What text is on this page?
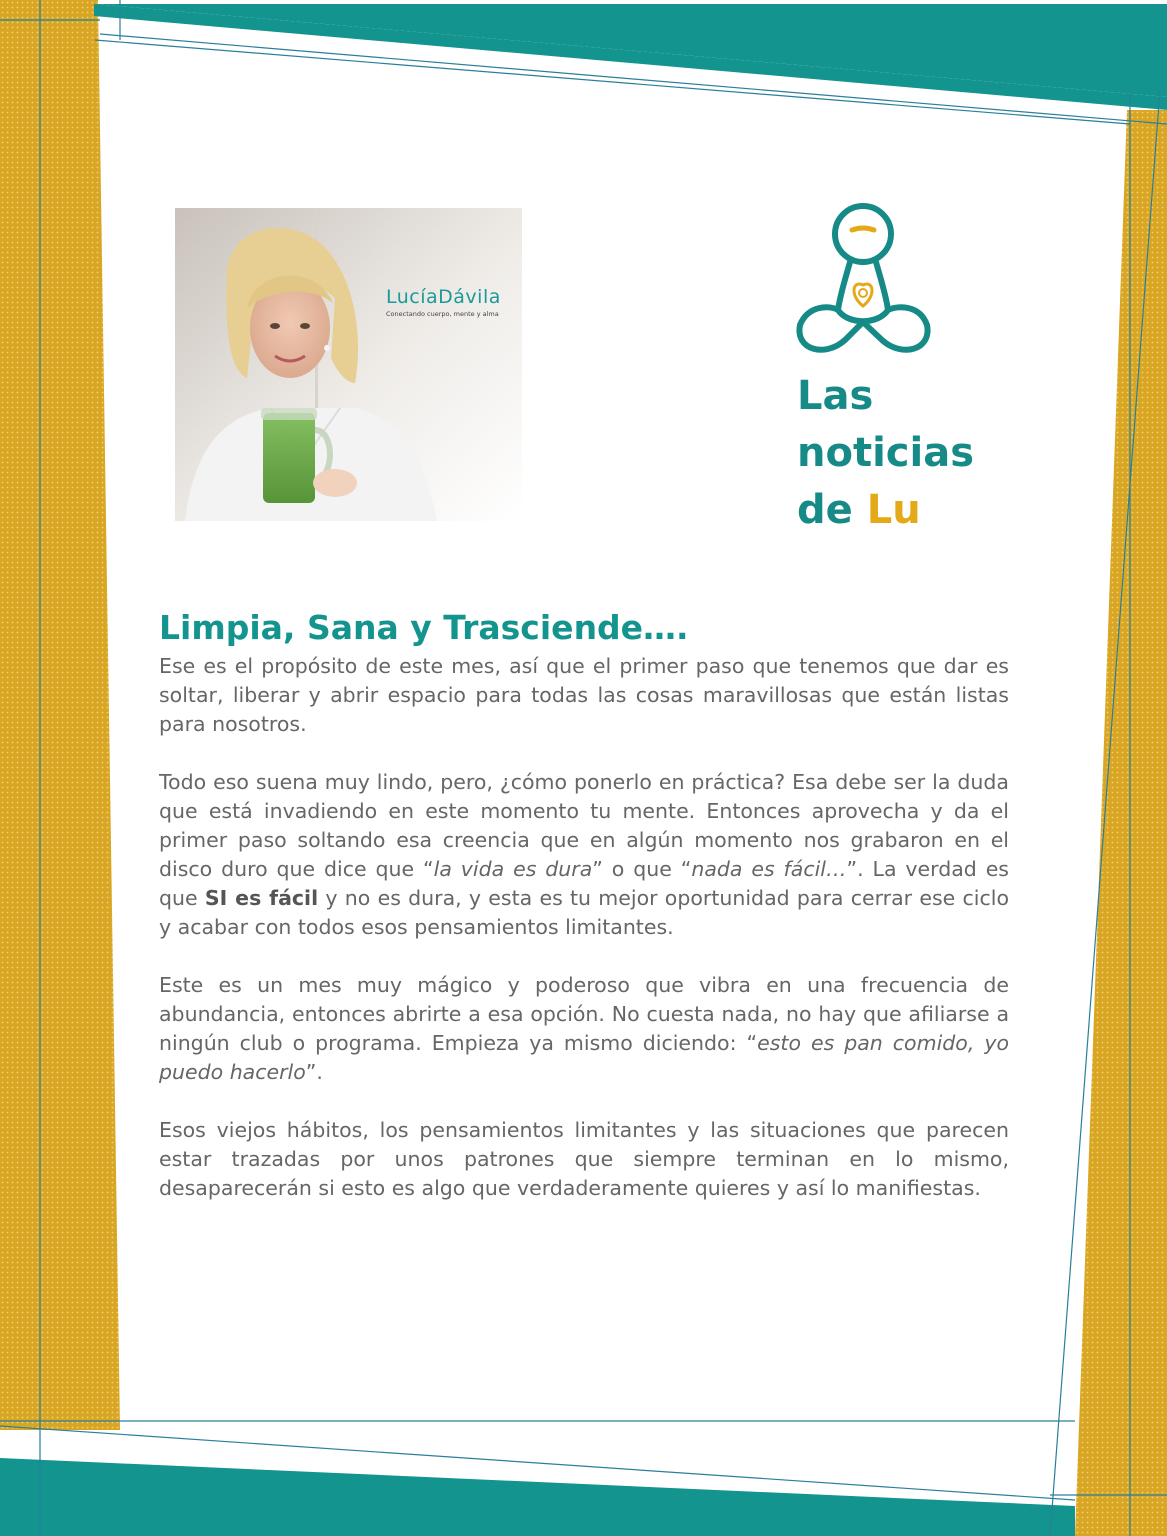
LucíaDávila
Conectando cuerpo, mente y alma
Las
noticias
de Lu
Limpia, Sana y Trasciende….

Ese es el propósito de este mes, así que el primer paso que tenemos que dar es soltar, liberar y abrir espacio para todas las cosas maravillosas que están listas para nosotros.

Todo eso suena muy lindo, pero, ¿cómo ponerlo en práctica? Esa debe ser la duda que está invadiendo en este momento tu mente. Entonces aprovecha y da el primer paso soltando esa creencia que en algún momento nos grabaron en el disco duro que dice que “la vida es dura” o que “nada es fácil…”. La verdad es que SI es fácil y no es dura, y esta es tu mejor oportunidad para cerrar ese ciclo y acabar con todos esos pensamientos limitantes.

Este es un mes muy mágico y poderoso que vibra en una frecuencia de abundancia, entonces abrirte a esa opción. No cuesta nada, no hay que afiliarse a ningún club o programa. Empieza ya mismo diciendo: “esto es pan comido, yo puedo hacerlo”.

Esos viejos hábitos, los pensamientos limitantes y las situaciones que parecen estar trazadas por unos patrones que siempre terminan en lo mismo, desaparecerán si esto es algo que verdaderamente quieres y así lo manifiestas.
